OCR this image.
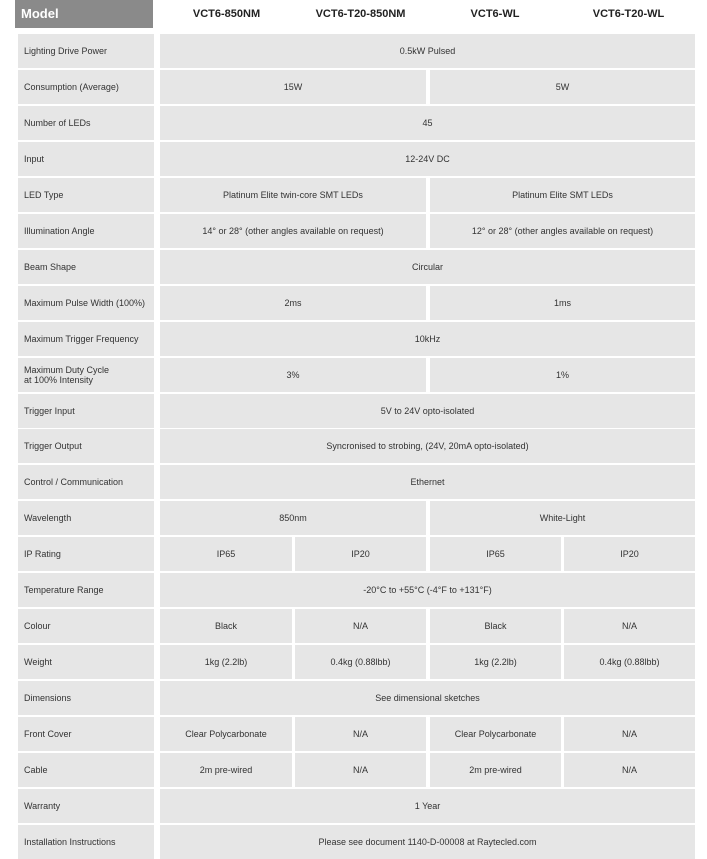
Model	VCT6-850NM	VCT6-T20-850NM	VCT6-WL	VCT6-T20-WL
Lighting Drive Power	0.5kW Pulsed
Consumption (Average)	15W	5W
Number of LEDs	45
Input	12-24V DC
LED Type	Platinum Elite twin-core SMT LEDs	Platinum Elite SMT LEDs
Illumination Angle	14° or 28° (other angles available on request)	12° or 28° (other angles available on request)
Beam Shape	Circular
Maximum Pulse Width (100%)	2ms	1ms
Maximum Trigger Frequency	10kHz
Maximum Duty Cycle
at 100% Intensity	3%	1%
Trigger Input	5V to 24V opto-isolated
Trigger Output	Syncronised to strobing, (24V, 20mA opto-isolated)
Control / Communication	Ethernet
Wavelength	850nm	White-Light
IP Rating	IP65	IP20	IP65	IP20
Temperature Range	-20°C to +55°C (-4°F to +131°F)
Colour	Black	N/A	Black	N/A
Weight	1kg (2.2lb)	0.4kg (0.88lbb)	1kg (2.2lb)	0.4kg (0.88lbb)
Dimensions	See dimensional sketches
Front Cover	Clear Polycarbonate	N/A	Clear Polycarbonate	N/A
Cable	2m pre-wired	N/A	2m pre-wired	N/A
Warranty	1 Year
Installation Instructions	Please see document 1140-D-00008 at Raytecled.com
